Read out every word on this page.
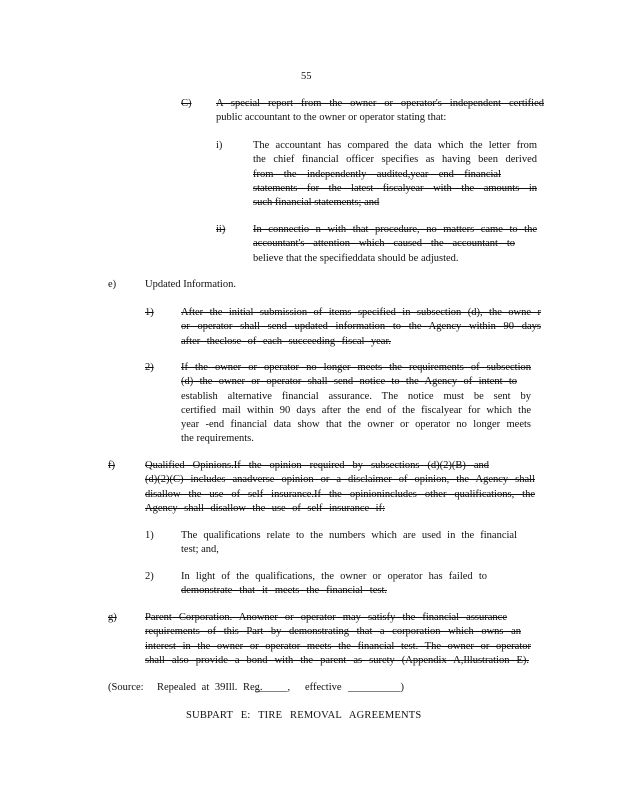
55
C) A special report from the owner or operator's independent certified
public accountant to the owner or operator stating that:
i)	The accountant has compared the data which the letter from
the chief financial officer specifies as having been derived
from the independently audited,year end financial
statements for the latest fiscalyear with the amounts in
such financial statements; and
ii)	In connectio n with that procedure, no matters came to the
accountant's attention which caused the accountant to
believe that the specifieddata should be adjusted.
e)	Updated Information.
1)	After the initial submission of items specified in subsection (d), the owne r
or operator shall send updated information to the Agency within 90 days
after theclose of each succeeding fiscal year.
2)	If the owner or operator no longer meets the requirements of subsection
(d) the owner or operator shall send notice to the Agency of intent to
establish alternative financial assurance. The notice must be sent by
certified mail within 90 days after the end of the fiscalyear for which the
year -end financial data show that the owner or operator no longer meets
the requirements.
f)	Qualified Opinions.If the opinion required by subsections (d)(2)(B) and
(d)(2)(C) includes anadverse opinion or a disclaimer of opinion, the Agency shall
disallow the use of self insurance.If the opinionincludes other qualifications, the
Agency shall disallow the use of self insurance if:
1)	The qualifications relate to the numbers which are used in the financial
test; and,
2)	In light of the qualifications, the owner or operator has failed to
demonstrate that it meets the financial test.
g)	Parent Corporation. Anowner or operator may satisfy the financial assurance
requirements of this Part by demonstrating that a corporation which owns an
interest in the owner or operator meets the financial test. The owner or operator
shall also provide a bond with the parent as surety (Appendix A,Illustration E).
(Source: Repealed at 39Ill. Reg.
______, effective __________)
SUBPART E: TIRE REMOVAL AGREEMENTS
